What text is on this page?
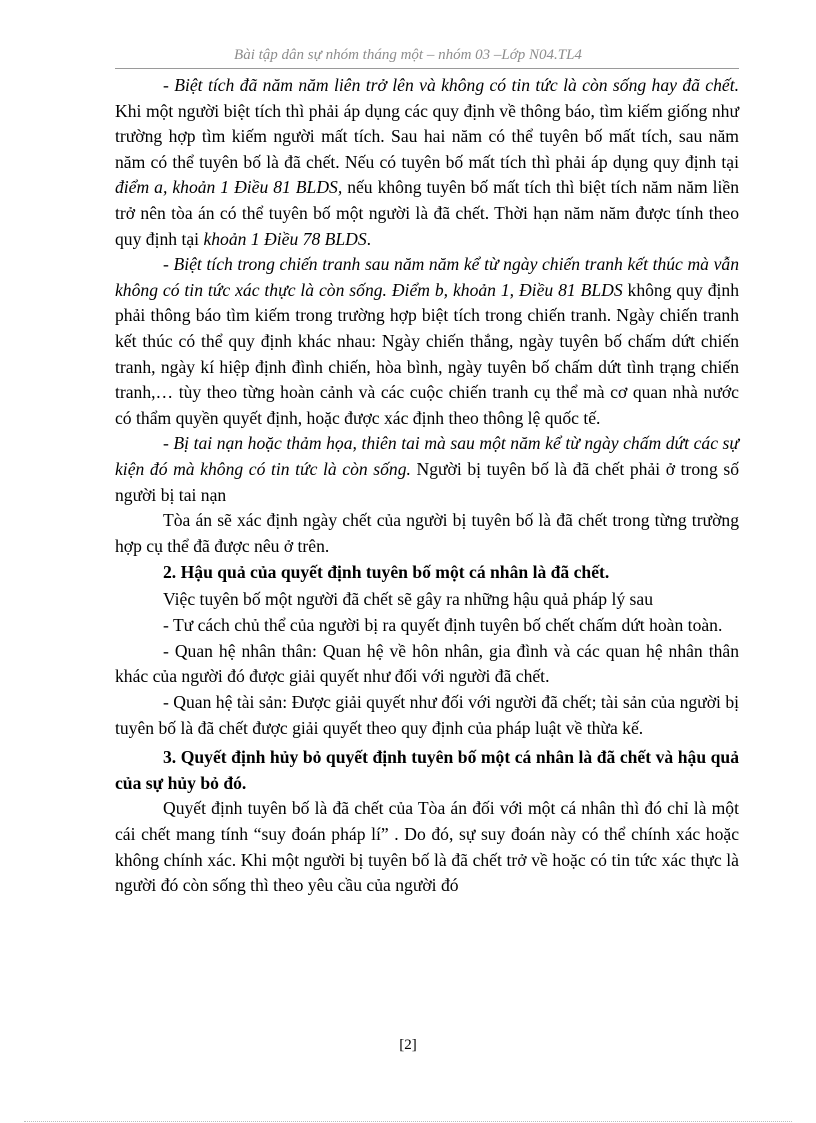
Bài tập dân sự nhóm tháng một – nhóm 03 –Lớp N04.TL4

- Biệt tích đã năm năm liên trở lên và không có tin tức là còn sống hay đã chết. Khi một người biệt tích thì phải áp dụng các quy định về thông báo, tìm kiếm giống như trường hợp tìm kiếm người mất tích. Sau hai năm có thể tuyên bố mất tích, sau năm năm có thể tuyên bố là đã chết. Nếu có tuyên bố mất tích thì phải áp dụng quy định tại điểm a, khoản 1 Điều 81 BLDS, nếu không tuyên bố mất tích thì biệt tích năm năm liền trở nên tòa án có thể tuyên bố một người là đã chết. Thời hạn năm năm được tính theo quy định tại khoản 1 Điều 78 BLDS.

- Biệt tích trong chiến tranh sau năm năm kể từ ngày chiến tranh kết thúc mà vẫn không có tin tức xác thực là còn sống. Điểm b, khoản 1, Điều 81 BLDS không quy định phải thông báo tìm kiếm trong trường hợp biệt tích trong chiến tranh. Ngày chiến tranh kết thúc có thể quy định khác nhau: Ngày chiến thắng, ngày tuyên bố chấm dứt chiến tranh, ngày kí hiệp định đình chiến, hòa bình, ngày tuyên bố chấm dứt tình trạng chiến tranh,… tùy theo từng hoàn cảnh và các cuộc chiến tranh cụ thể mà cơ quan nhà nước có thẩm quyền quyết định, hoặc được xác định theo thông lệ quốc tế.

- Bị tai nạn hoặc thảm họa, thiên tai mà sau một năm kể từ ngày chấm dứt các sự kiện đó mà không có tin tức là còn sống. Người bị tuyên bố là đã chết phải ở trong số người bị tai nạn

Tòa án sẽ xác định ngày chết của người bị tuyên bố là đã chết trong từng trường hợp cụ thể đã được nêu ở trên.

2. Hậu quả của quyết định tuyên bố một cá nhân là đã chết.

Việc tuyên bố một người đã chết sẽ gây ra những hậu quả pháp lý sau

- Tư cách chủ thể của người bị ra quyết định tuyên bố chết chấm dứt hoàn toàn.

- Quan hệ nhân thân: Quan hệ về hôn nhân, gia đình và các quan hệ nhân thân khác của người đó được giải quyết như đối với người đã chết.

- Quan hệ tài sản: Được giải quyết như đối với người đã chết; tài sản của người bị tuyên bố là đã chết được giải quyết theo quy định của pháp luật về thừa kế.

3. Quyết định hủy bỏ quyết định tuyên bố một cá nhân là đã chết và hậu quả của sự hủy bỏ đó.

Quyết định tuyên bố là đã chết của Tòa án đối với một cá nhân thì đó chỉ là một cái chết mang tính “suy đoán pháp lí” . Do đó, sự suy đoán này có thể chính xác hoặc không chính xác. Khi một người bị tuyên bố là đã chết trở về hoặc có tin tức xác thực là người đó còn sống thì theo yêu cầu của người đó

[2]
